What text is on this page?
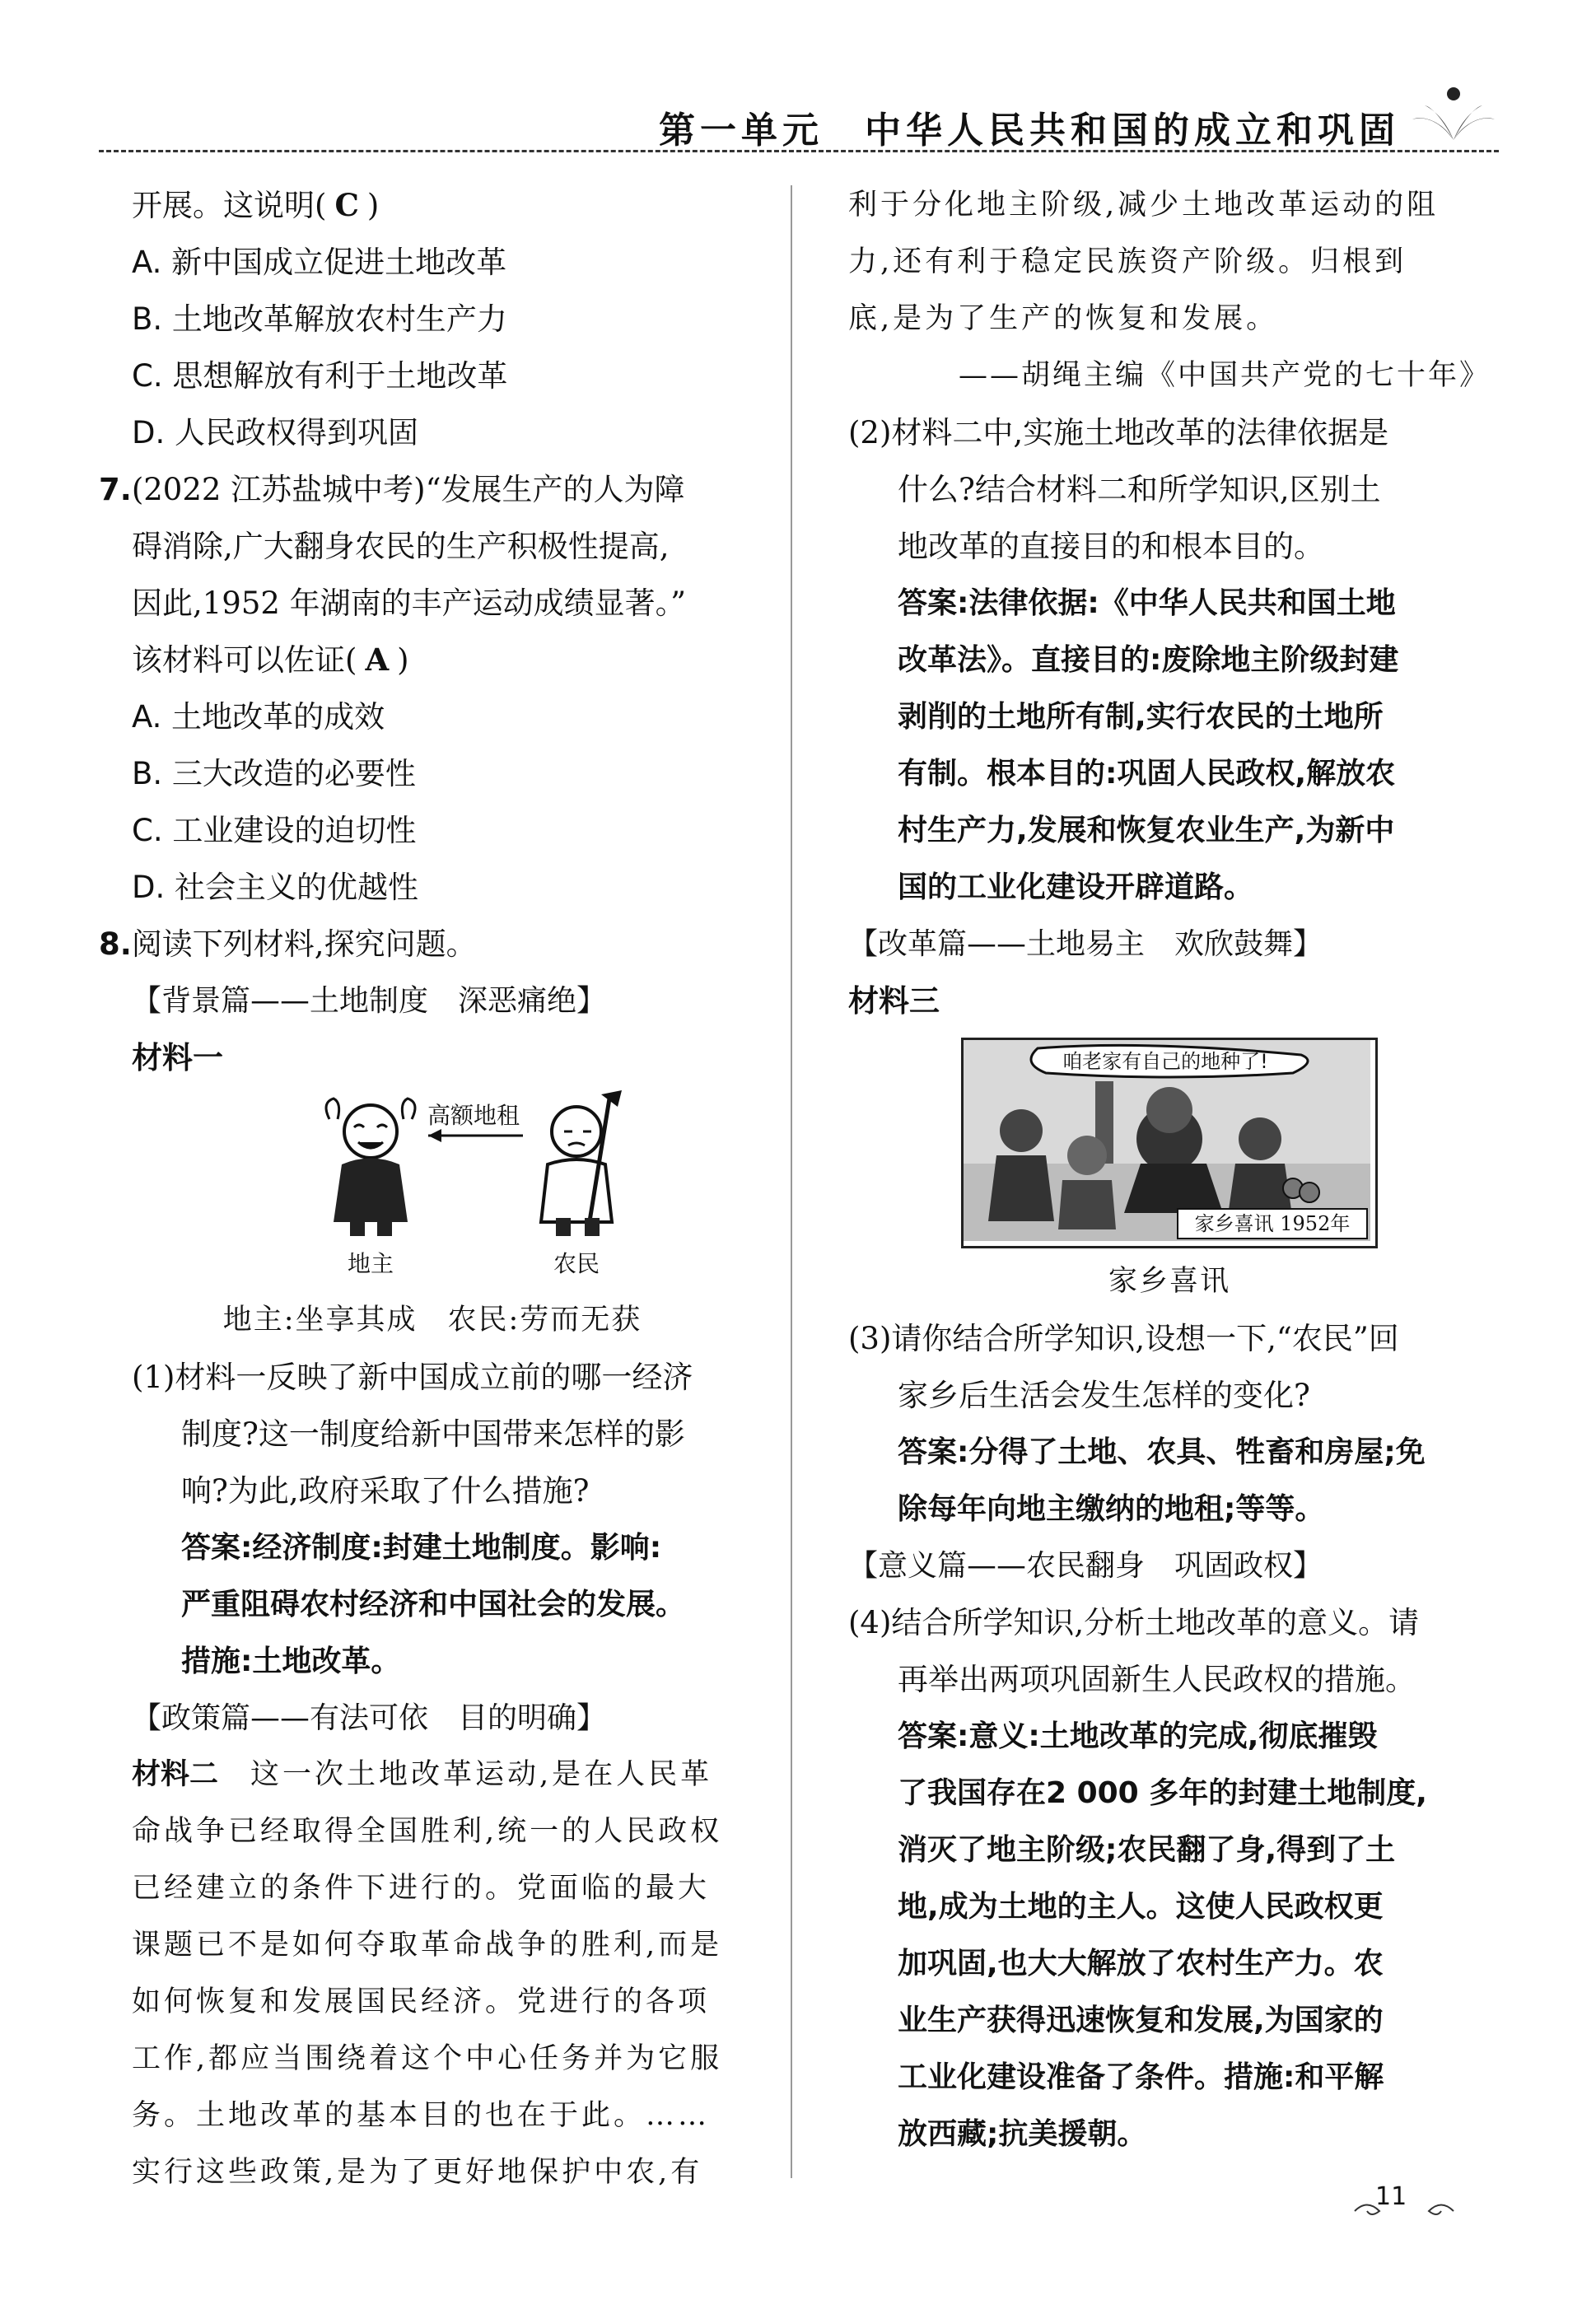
第一单元　中华人民共和国的成立和巩固
开展。这说明( C )
A. 新中国成立促进土地改革
B. 土地改革解放农村生产力
C. 思想解放有利于土地改革
D. 人民政权得到巩固
7.(2022 江苏盐城中考)“发展生产的人为障
碍消除,广大翻身农民的生产积极性提高,
因此,1952 年湖南的丰产运动成绩显著。”
该材料可以佐证( A )
A. 土地改革的成效
B. 三大改造的必要性
C. 工业建设的迫切性
D. 社会主义的优越性
8.阅读下列材料,探究问题。
【背景篇——土地制度　深恶痛绝】
材料一
高额地租
地主	农民
地主:坐享其成　农民:劳而无获
(1)材料一反映了新中国成立前的哪一经济
制度?这一制度给新中国带来怎样的影
响?为此,政府采取了什么措施?
答案:经济制度:封建土地制度。影响:
严重阻碍农村经济和中国社会的发展。
措施:土地改革。
【政策篇——有法可依　目的明确】
材料二　 这一次土地改革运动,是在人民革
命战争已经取得全国胜利,统一的人民政权
已经建立的条件下进行的。党面临的最大
课题已不是如何夺取革命战争的胜利,而是
如何恢复和发展国民经济。党进行的各项
工作,都应当围绕着这个中心任务并为它服
务。土地改革的基本目的也在于此。……
实行这些政策,是为了更好地保护中农,有
利于分化地主阶级,减少土地改革运动的阻
力,还有利于稳定民族资产阶级。归根到
底,是为了生产的恢复和发展。
——胡绳主编《中国共产党的七十年》
(2)材料二中,实施土地改革的法律依据是
什么?结合材料二和所学知识,区别土
地改革的直接目的和根本目的。
答案:法律依据:《中华人民共和国土地
改革法》。直接目的:废除地主阶级封建
剥削的土地所有制,实行农民的土地所
有制。根本目的:巩固人民政权,解放农
村生产力,发展和恢复农业生产,为新中
国的工业化建设开辟道路。
【改革篇——土地易主　欢欣鼓舞】
材料三
咱老家有自己的地种了!
家乡喜讯 1952年
家乡喜讯
(3)请你结合所学知识,设想一下,“农民”回
家乡后生活会发生怎样的变化?
答案:分得了土地、农具、牲畜和房屋;免
除每年向地主缴纳的地租;等等。
【意义篇——农民翻身　巩固政权】
(4)结合所学知识,分析土地改革的意义。请
再举出两项巩固新生人民政权的措施。
答案:意义:土地改革的完成,彻底摧毁
了我国存在2 000 多年的封建土地制度,
消灭了地主阶级;农民翻了身,得到了土
地,成为土地的主人。这使人民政权更
加巩固,也大大解放了农村生产力。农
业生产获得迅速恢复和发展,为国家的
工业化建设准备了条件。措施:和平解
放西藏;抗美援朝。
11
